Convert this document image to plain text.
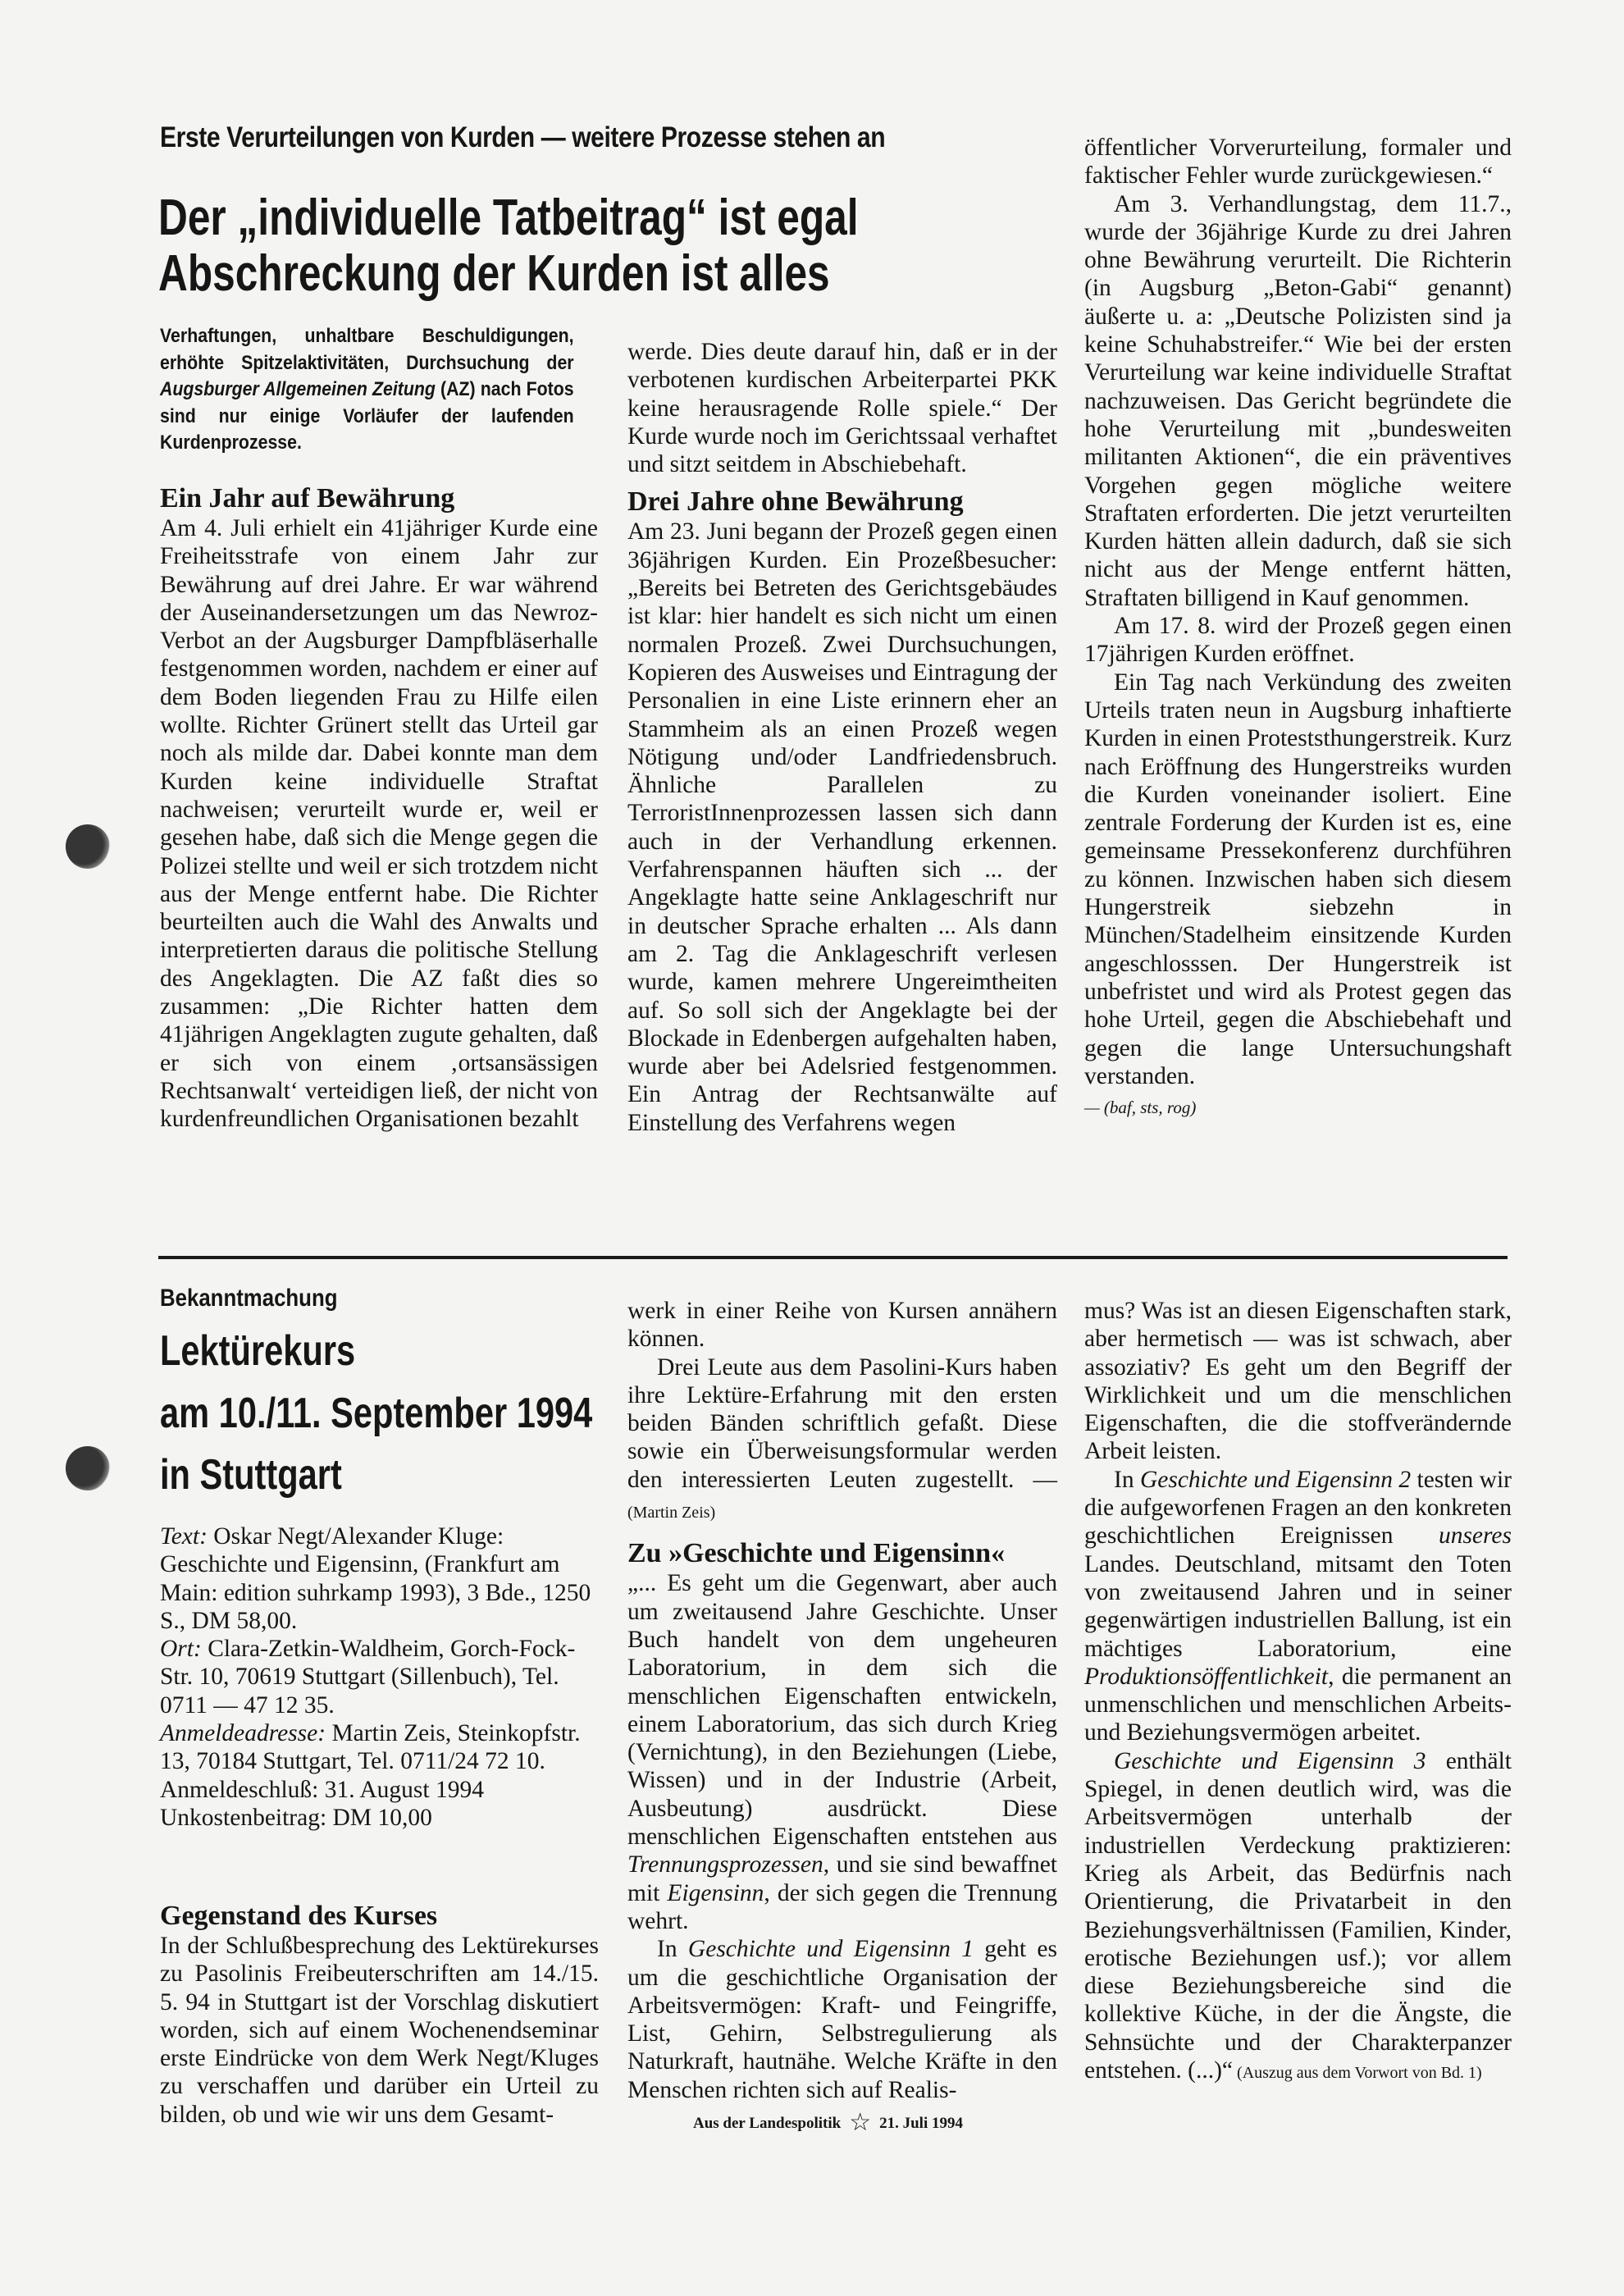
Erste Verurteilungen von Kurden — weitere Prozesse stehen an
Der „individuelle Tatbeitrag“ ist egal
Abschreckung der Kurden ist alles

Verhaftungen, unhaltbare Beschuldigungen, erhöhte Spitzelaktivitäten, Durchsuchung der Augsburger Allgemeinen Zeitung (AZ) nach Fotos sind nur einige Vorläufer der laufenden Kurdenprozesse.

Ein Jahr auf Bewährung

Am 4. Juli erhielt ein 41jähriger Kurde eine Freiheitsstrafe von einem Jahr zur Bewährung auf drei Jahre. Er war während der Auseinandersetzungen um das Newroz-Verbot an der Augsburger Dampfbläserhalle festgenommen worden, nachdem er einer auf dem Boden liegenden Frau zu Hilfe eilen wollte. Richter Grünert stellt das Urteil gar noch als milde dar. Dabei konnte man dem Kurden keine individuelle Straftat nachweisen; verurteilt wurde er, weil er gesehen habe, daß sich die Menge gegen die Polizei stellte und weil er sich trotzdem nicht aus der Menge entfernt habe. Die Richter beurteilten auch die Wahl des Anwalts und interpretierten daraus die politische Stellung des Angeklagten. Die AZ faßt dies so zusammen: „Die Richter hatten dem 41jährigen Angeklagten zugute gehalten, daß er sich von einem ‚ortsansässigen Rechtsanwalt‘ verteidigen ließ, der nicht von kurdenfreundlichen Organisationen bezahlt

werde. Dies deute darauf hin, daß er in der verbotenen kurdischen Arbeiterpartei PKK keine herausragende Rolle spiele.“ Der Kurde wurde noch im Gerichtssaal verhaftet und sitzt seitdem in Abschiebehaft.

Drei Jahre ohne Bewährung

Am 23. Juni begann der Prozeß gegen einen 36jährigen Kurden. Ein Prozeßbesucher: „Bereits bei Betreten des Gerichtsgebäudes ist klar: hier handelt es sich nicht um einen normalen Prozeß. Zwei Durchsuchungen, Kopieren des Ausweises und Eintragung der Personalien in eine Liste erinnern eher an Stammheim als an einen Prozeß wegen Nötigung und/oder Landfriedensbruch. Ähnliche Parallelen zu TerroristInnenprozessen lassen sich dann auch in der Verhandlung erkennen. Verfahrenspannen häuften sich ... der Angeklagte hatte seine Anklageschrift nur in deutscher Sprache erhalten ... Als dann am 2. Tag die Anklageschrift verlesen wurde, kamen mehrere Ungereimtheiten auf. So soll sich der Angeklagte bei der Blockade in Edenbergen aufgehalten haben, wurde aber bei Adelsried festgenommen. Ein Antrag der Rechtsanwälte auf Einstellung des Verfahrens wegen

öffentlicher Vorverurteilung, formaler und faktischer Fehler wurde zurückgewiesen.“

Am 3. Verhandlungstag, dem 11.7., wurde der 36jährige Kurde zu drei Jahren ohne Bewährung verurteilt. Die Richterin (in Augsburg „Beton-Gabi“ genannt) äußerte u. a: „Deutsche Polizisten sind ja keine Schuhabstreifer.“ Wie bei der ersten Verurteilung war keine individuelle Straftat nachzuweisen. Das Gericht begründete die hohe Verurteilung mit „bundesweiten militanten Aktionen“, die ein präventives Vorgehen gegen mögliche weitere Straftaten erforderten. Die jetzt verurteilten Kurden hätten allein dadurch, daß sie sich nicht aus der Menge entfernt hätten, Straftaten billigend in Kauf genommen.

Am 17. 8. wird der Prozeß gegen einen 17jährigen Kurden eröffnet.

Ein Tag nach Verkündung des zweiten Urteils traten neun in Augsburg inhaftierte Kurden in einen Proteststhungerstreik. Kurz nach Eröffnung des Hungerstreiks wurden die Kurden voneinander isoliert. Eine zentrale Forderung der Kurden ist es, eine gemeinsame Pressekonferenz durchführen zu können. Inzwischen haben sich diesem Hungerstreik siebzehn in München/Stadelheim einsitzende Kurden angeschlosssen. Der Hungerstreik ist unbefristet und wird als Protest gegen das hohe Urteil, gegen die Abschiebehaft und gegen die lange Untersuchungshaft verstanden.

— (baf, sts, rog)

Bekanntmachung
Lektürekurs
am 10./11. September 1994
in Stuttgart

Text: Oskar Negt/Alexander Kluge: Geschichte und Eigensinn, (Frankfurt am Main: edition suhrkamp 1993), 3 Bde., 1250 S., DM 58,00.

Ort: Clara-Zetkin-Waldheim, Gorch-Fock-Str. 10, 70619 Stuttgart (Sillenbuch), Tel. 0711 — 47 12 35.

Anmeldeadresse: Martin Zeis, Steinkopfstr. 13, 70184 Stuttgart, Tel. 0711/24 72 10.

Anmeldeschluß: 31. August 1994

Unkostenbeitrag: DM 10,00

Gegenstand des Kurses

In der Schlußbesprechung des Lektürekurses zu Pasolinis Freibeuterschriften am 14./15. 5. 94 in Stuttgart ist der Vorschlag diskutiert worden, sich auf einem Wochenendseminar erste Eindrücke von dem Werk Negt/Kluges zu verschaffen und darüber ein Urteil zu bilden, ob und wie wir uns dem Gesamt-

werk in einer Reihe von Kursen annähern können.

Drei Leute aus dem Pasolini-Kurs haben ihre Lektüre-Erfahrung mit den ersten beiden Bänden schriftlich gefaßt. Diese sowie ein Überweisungsformular werden den interessierten Leuten zugestellt. — (Martin Zeis)

Zu »Geschichte und Eigensinn«

„... Es geht um die Gegenwart, aber auch um zweitausend Jahre Geschichte. Unser Buch handelt von dem ungeheuren Laboratorium, in dem sich die menschlichen Eigenschaften entwickeln, einem Laboratorium, das sich durch Krieg (Vernichtung), in den Beziehungen (Liebe, Wissen) und in der Industrie (Arbeit, Ausbeutung) ausdrückt. Diese menschlichen Eigenschaften entstehen aus Trennungsprozessen, und sie sind bewaffnet mit Eigensinn, der sich gegen die Trennung wehrt.

In Geschichte und Eigensinn 1 geht es um die geschichtliche Organisation der Arbeitsvermögen: Kraft- und Feingriffe, List, Gehirn, Selbstregulierung als Naturkraft, hautnähe. Welche Kräfte in den Menschen richten sich auf Realis-

mus? Was ist an diesen Eigenschaften stark, aber hermetisch — was ist schwach, aber assoziativ? Es geht um den Begriff der Wirklichkeit und um die menschlichen Eigenschaften, die die stoffverändernde Arbeit leisten.

In Geschichte und Eigensinn 2 testen wir die aufgeworfenen Fragen an den konkreten geschichtlichen Ereignissen unseres Landes. Deutschland, mitsamt den Toten von zweitausend Jahren und in seiner gegenwärtigen industriellen Ballung, ist ein mächtiges Laboratorium, eine Produktionsöffentlichkeit, die permanent an unmenschlichen und menschlichen Arbeits- und Beziehungsvermögen arbeitet.

Geschichte und Eigensinn 3 enthält Spiegel, in denen deutlich wird, was die Arbeitsvermögen unterhalb der industriellen Verdeckung praktizieren: Krieg als Arbeit, das Bedürfnis nach Orientierung, die Privatarbeit in den Beziehungsverhältnissen (Familien, Kinder, erotische Beziehungen usf.); vor allem diese Beziehungsbereiche sind die kollektive Küche, in der die Ängste, die Sehnsüchte und der Charakterpanzer entstehen. (...)“ (Auszug aus dem Vorwort von Bd. 1)

Aus der Landespolitik ☆ 21. Juli 1994
